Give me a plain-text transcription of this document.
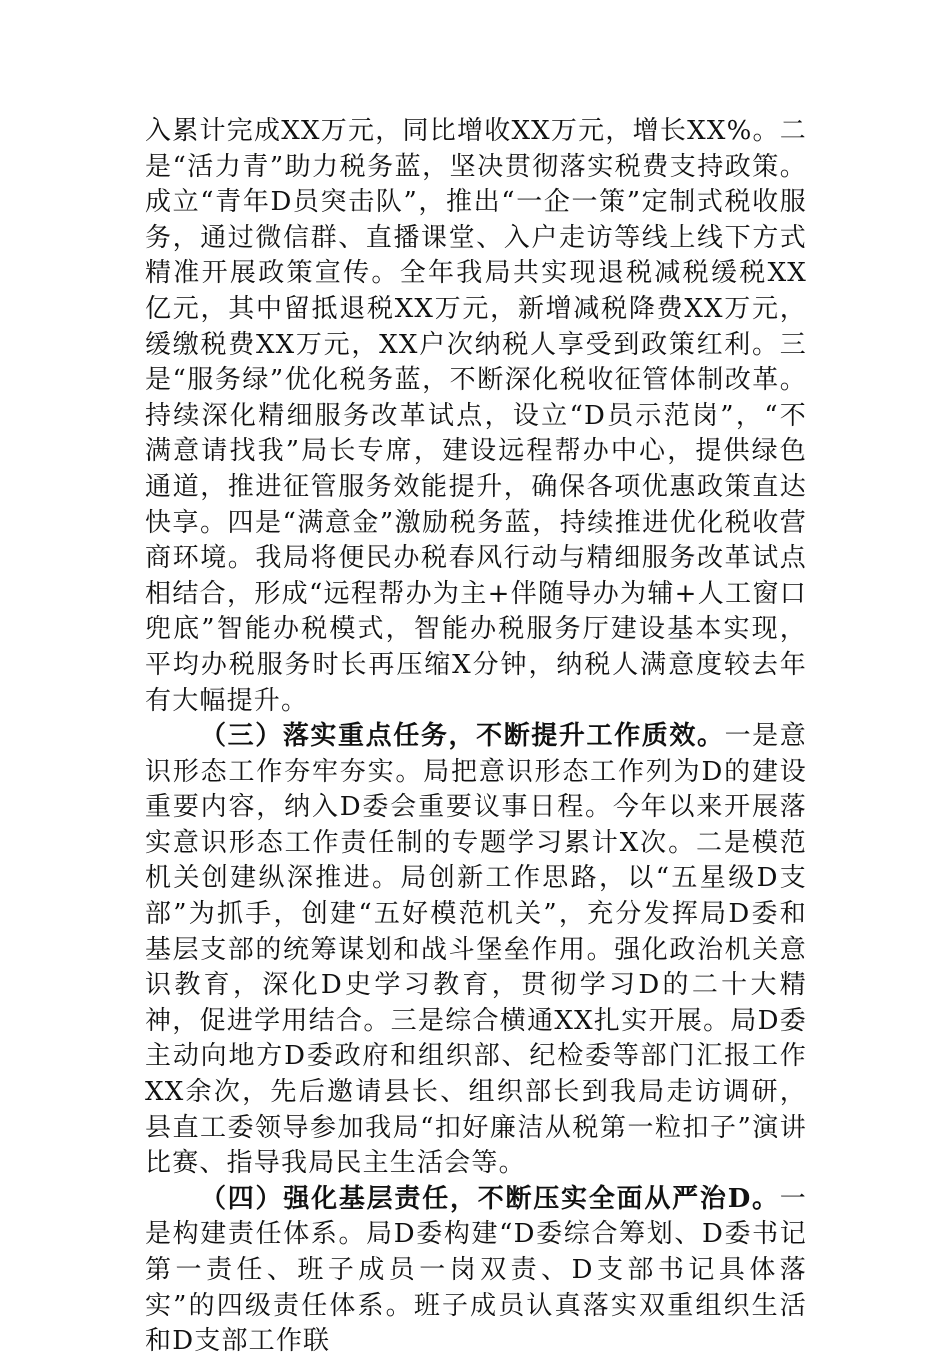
入累计完成XX万元，同比增收XX万元，增长XX%。二是“活力青”助力税务蓝，坚决贯彻落实税费支持政策。成立“青年D员突击队”，推出“一企一策”定制式税收服务，通过微信群、直播课堂、入户走访等线上线下方式精准开展政策宣传。全年我局共实现退税减税缓税XX亿元，其中留抵退税XX万元，新增减税降费XX万元，缓缴税费XX万元，XX户次纳税人享受到政策红利。三是“服务绿”优化税务蓝，不断深化税收征管体制改革。持续深化精细服务改革试点，设立“D员示范岗”，“不满意请找我”局长专席，建设远程帮办中心，提供绿色通道，推进征管服务效能提升，确保各项优惠政策直达快享。四是“满意金”激励税务蓝，持续推进优化税收营商环境。我局将便民办税春风行动与精细服务改革试点相结合，形成“远程帮办为主+伴随导办为辅+人工窗口兜底”智能办税模式，智能办税服务厅建设基本实现，平均办税服务时长再压缩X分钟，纳税人满意度较去年有大幅提升。

（三）落实重点任务，不断提升工作质效。一是意识形态工作夯牢夯实。局把意识形态工作列为D的建设重要内容，纳入D委会重要议事日程。今年以来开展落实意识形态工作责任制的专题学习累计X次。二是模范机关创建纵深推进。局创新工作思路，以“五星级D支部”为抓手，创建“五好模范机关”，充分发挥局D委和基层支部的统筹谋划和战斗堡垒作用。强化政治机关意识教育，深化D史学习教育，贯彻学习D的二十大精神，促进学用结合。三是综合横通XX扎实开展。局D委主动向地方D委政府和组织部、纪检委等部门汇报工作XX余次，先后邀请县长、组织部长到我局走访调研，县直工委领导参加我局“扣好廉洁从税第一粒扣子”演讲比赛、指导我局民主生活会等。

（四）强化基层责任，不断压实全面从严治D。一是构建责任体系。局D委构建“D委综合筹划、D委书记第一责任、班子成员一岗双责、D支部书记具体落实”的四级责任体系。班子成员认真落实双重组织生活和D支部工作联
